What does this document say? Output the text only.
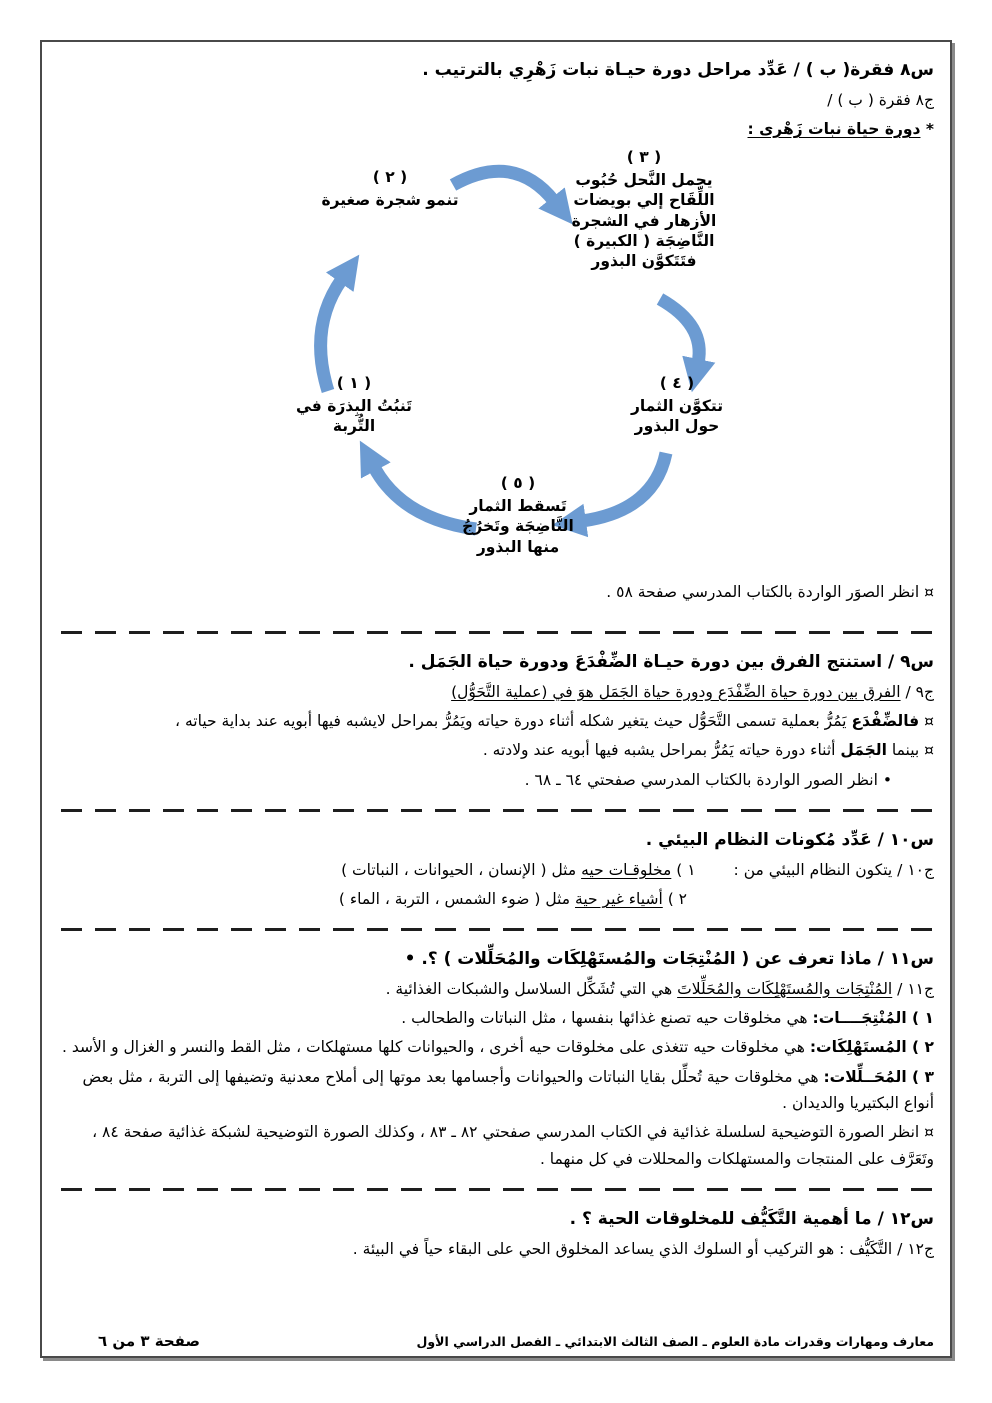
س٨ فقرة( ب ) / عَدِّد مراحل دورة حيـاة نبات زَهْرِي بالترتيب .
ج٨ فقرة ( ب ) /
* دورة حياة نبات زَهْرى :
( ٢ )
تنمو شجرة صغيرة
( ٣ )
يحمل النَّحل حُبُوب اللِّقَاح إلي بويضات الأزهار في الشجرة النَّاضِجَة ( الكبيرة ) فتَتَكوَّن البذور
( ١ )
تَنبُتُ البِذرَة في التُّربة
( ٤ )
تتكوَّن الثمار حول البذور
( ٥ )
تَسقط الثمار النَّاضِجَة وتَخرُجُ منها البذور
¤ انظر الصوَر الواردة بالكتاب المدرسي صفحة ٥٨ .
س٩ / استنتج الفرق بين دورة حيـاة الضِّفْدَعَ ودورة حياة الجَمَل .
ج٩ / الفرق بين دورة حياة الضِّفْدَع ودورة حياة الجَمَل هوَ في (عملية التَّحَوُّل)
¤ فالضِّفْدَع يَمُرُّ بعملية تسمى التَّحَوُّل حيث يتغير شكله أثناء دورة حياته ويَمُرُّ بمراحل لايشبه فيها أبويه عند بداية حياته ،
¤ بينما الجَمَل أثناء دورة حياته يَمُرُّ بمراحل يشبه فيها أبويه عند ولادته .
• انظر الصور الواردة بالكتاب المدرسي صفحتي ٦٤ ـ ٦٨ .
س١٠ / عَدِّد مُكونات النظام البيئي .
ج١٠ / يتكون النظام البيئي من :
١ ) مخلوقـات حيه مثل ( الإنسان ، الحيوانات ، النباتات )
٢ ) أشياء غير حية مثل ( ضوء الشمس ، التربة ، الماء )
س١١ / ماذا تعرف عن ( المُنْتِجَات والمُستَهْلِكَات والمُحَلِّلات ) ؟. •
ج١١ / المُنْتِجَات والمُستَهْلِكَات والمُحَلِّلاتَ هي التي تُشَكِّل السلاسل والشبكات الغذائية .
١ ) المُنْتِجَــــات: هي مخلوقات حيه تصنع غذائها بنفسها ، مثل النباتات والطحالب .
٢ ) المُستَهْلِكَات: هي مخلوقات حيه تتغذى على مخلوقات حيه أخرى ، والحيوانات كلها مستهلكات ، مثل القط والنسر و الغزال و الأسد .
٣ ) المُحَــلِّلات: هي مخلوقات حية تُحلِّل بقايا النباتات والحيوانات وأجسامها بعد موتها إلى أملاح معدنية وتضيفها إلى التربة ، مثل بعض أنواع البكتيريا والديدان .
¤ انظر الصورة التوضيحية لسلسلة غذائية في الكتاب المدرسي صفحتي ٨٢ ـ ٨٣ ، وكذلك الصورة التوضيحية لشبكة غذائية صفحة ٨٤ ، وتَعَرَّف على المنتجات والمستهلكات والمحللات في كل منهما .
س١٢ / ما أهمية التَّكَيُّف للمخلوقات الحية ؟ .
ج١٢ / التَّكَيُّف : هو التركيب أو السلوك الذي يساعد المخلوق الحي على البقاء حياً في البيئة .
معارف ومهارات وقدرات مادة العلوم ـ الصف الثالث الابتدائي ـ الفصل الدراسي الأول
صفحة ٣ من ٦
